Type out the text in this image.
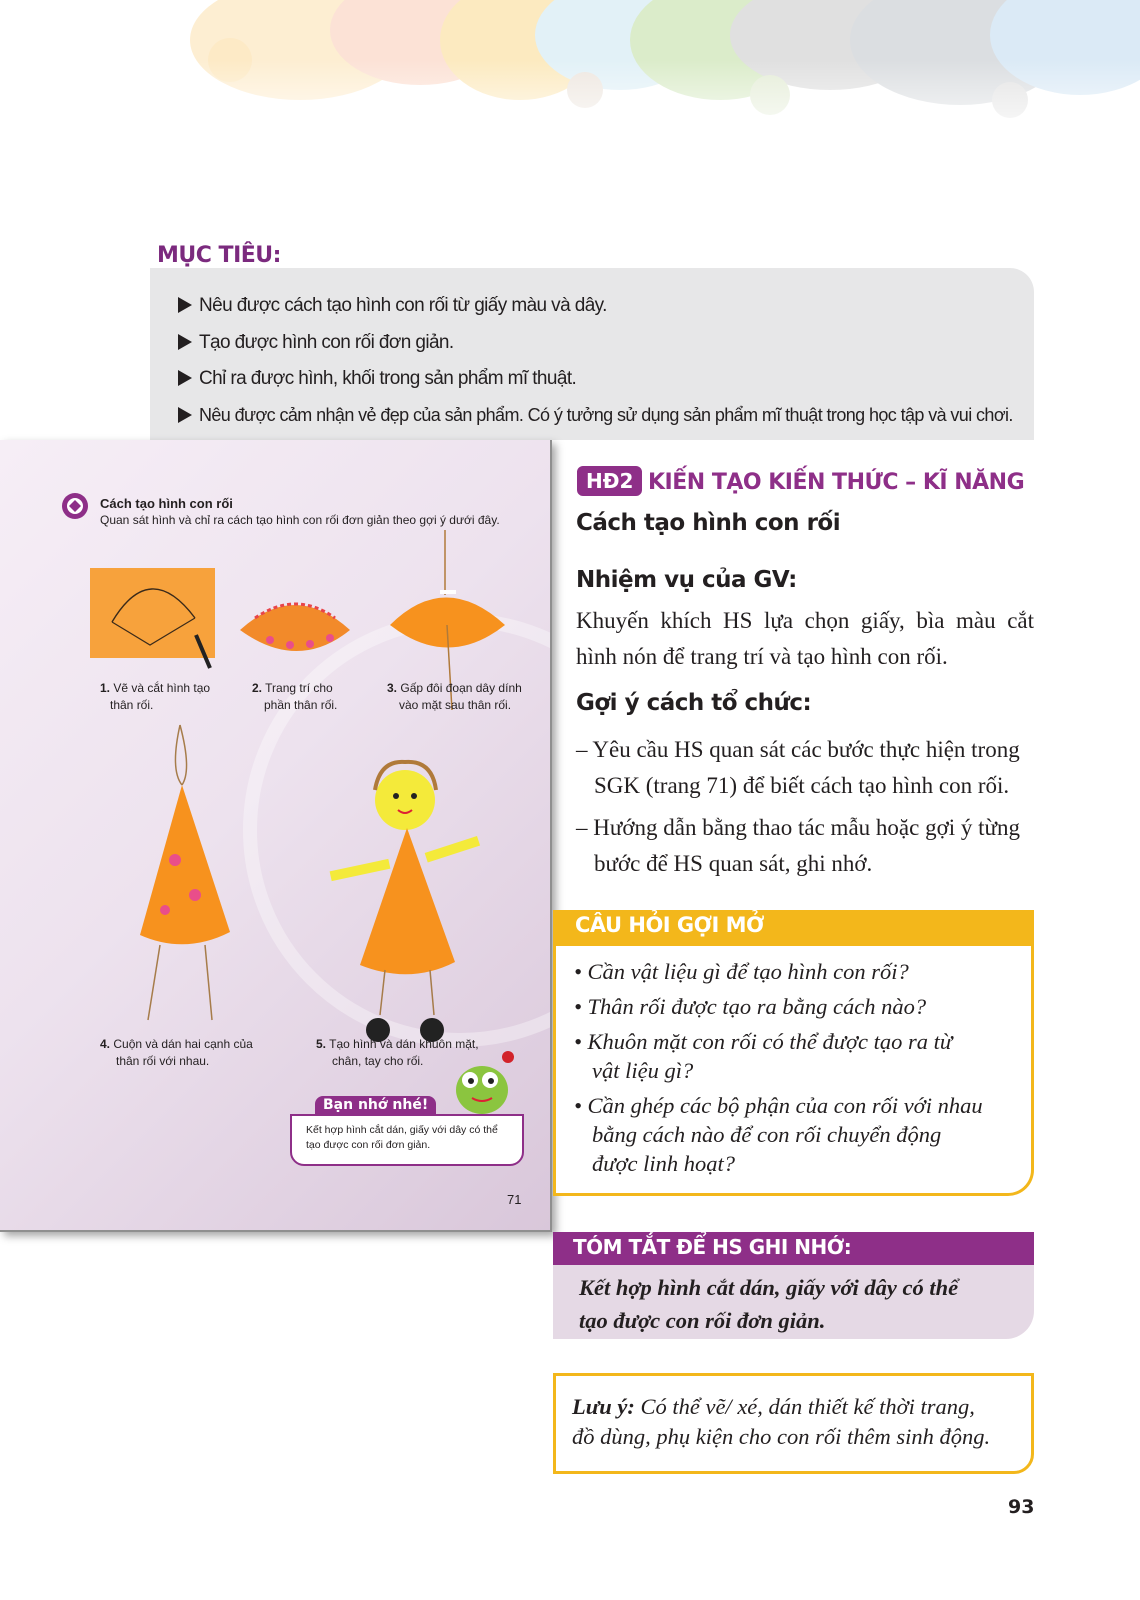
MỤC TIÊU:
Nêu được cách tạo hình con rối từ giấy màu và dây.
Tạo được hình con rối đơn giản.
Chỉ ra được hình, khối trong sản phẩm mĩ thuật.
Nêu được cảm nhận vẻ đẹp của sản phẩm. Có ý tưởng sử dụng sản phẩm mĩ thuật trong học tập và vui chơi.
Cách tạo hình con rối
Quan sát hình và chỉ ra cách tạo hình con rối đơn giản theo gợi ý dưới đây.
1. Vẽ và cắt hình tạo
thân rối.
2. Trang trí cho
phần thân rối.
3. Gấp đôi đoạn dây dính
vào mặt sau thân rối.
4. Cuộn và dán hai cạnh của
thân rối với nhau.
5. Tạo hình và dán khuôn mặt,
chân, tay cho rối.
Bạn nhớ nhé!
Kết hợp hình cắt dán, giấy với dây có thể tạo được con rối đơn giản.
71
HĐ2 KIẾN TẠO KIẾN THỨC – KĨ NĂNG
Cách tạo hình con rối
Nhiệm vụ của GV:
Khuyến khích HS lựa chọn giấy, bìa màu cắt
hình nón để trang trí và tạo hình con rối.
Gợi ý cách tổ chức:
– Yêu cầu HS quan sát các bước thực hiện trong
SGK (trang 71) để biết cách tạo hình con rối.
– Hướng dẫn bằng thao tác mẫu hoặc gợi ý từng
bước để HS quan sát, ghi nhớ.
CÂU HỎI GỢI MỞ
• Cần vật liệu gì để tạo hình con rối?
• Thân rối được tạo ra bằng cách nào?
• Khuôn mặt con rối có thể được tạo ra từ
vật liệu gì?
• Cần ghép các bộ phận của con rối với nhau
bằng cách nào để con rối chuyển động
được linh hoạt?
TÓM TẮT ĐỂ HS GHI NHỚ:
Kết hợp hình cắt dán, giấy với dây có thể
tạo được con rối đơn giản.
Lưu ý: Có thể vẽ/ xé, dán thiết kế thời trang,
đồ dùng, phụ kiện cho con rối thêm sinh động.
93
